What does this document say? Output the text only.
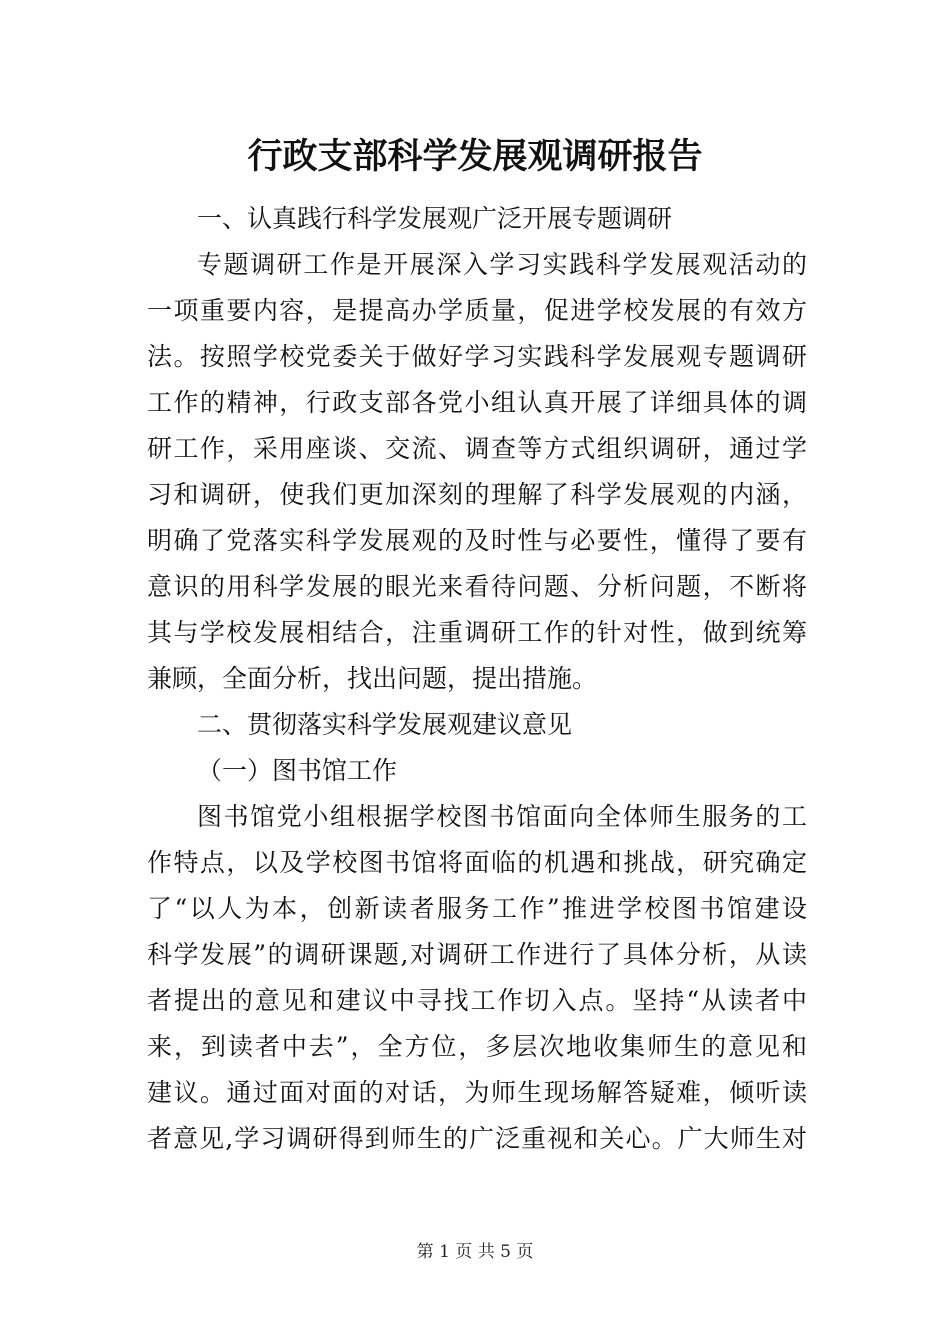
行政支部科学发展观调研报告
一、认真践行科学发展观广泛开展专题调研
专题调研工作是开展深入学习实践科学发展观活动的
一项重要内容，是提高办学质量，促进学校发展的有效方
法。按照学校党委关于做好学习实践科学发展观专题调研
工作的精神，行政支部各党小组认真开展了详细具体的调
研工作，采用座谈、交流、调查等方式组织调研，通过学
习和调研，使我们更加深刻的理解了科学发展观的内涵，
明确了党落实科学发展观的及时性与必要性，懂得了要有
意识的用科学发展的眼光来看待问题、分析问题，不断将
其与学校发展相结合，注重调研工作的针对性，做到统筹
兼顾，全面分析，找出问题，提出措施。
二、贯彻落实科学发展观建议意见
（一）图书馆工作
图书馆党小组根据学校图书馆面向全体师生服务的工
作特点，以及学校图书馆将面临的机遇和挑战，研究确定
了“以人为本，创新读者服务工作”推进学校图书馆建设
科学发展”的调研课题,对调研工作进行了具体分析，从读
者提出的意见和建议中寻找工作切入点。坚持“从读者中
来，到读者中去”，全方位，多层次地收集师生的意见和
建议。通过面对面的对话，为师生现场解答疑难，倾听读
者意见,学习调研得到师生的广泛重视和关心。广大师生对
第 1 页 共 5 页
